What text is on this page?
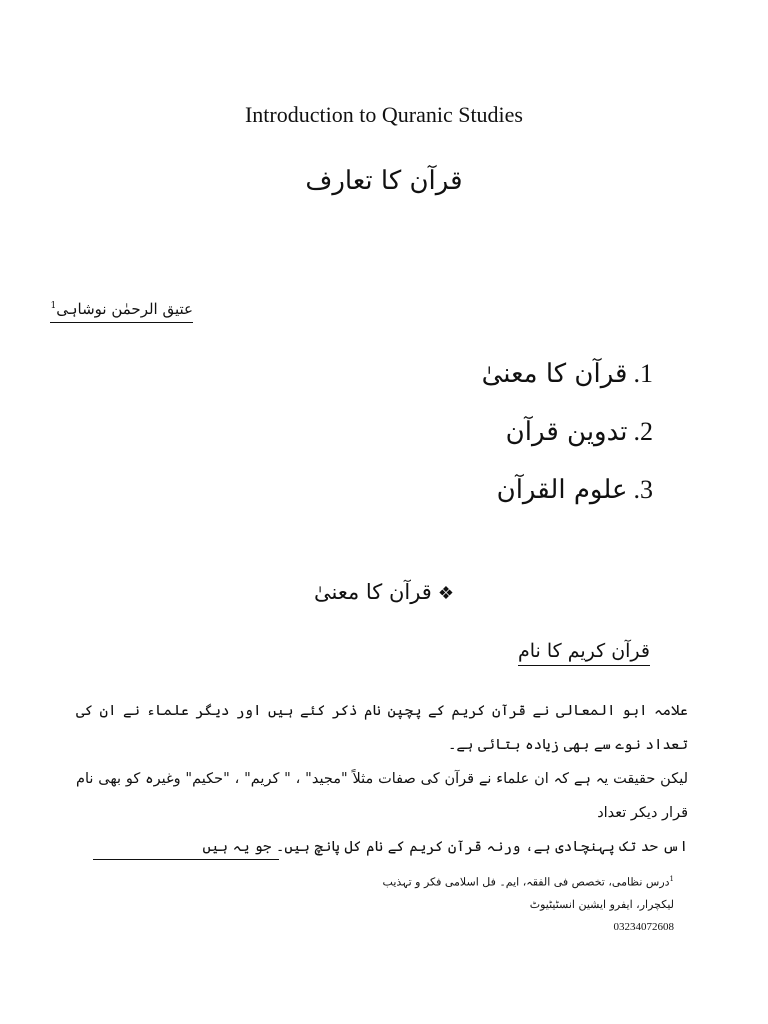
Introduction to Quranic Studies
قرآن کا تعارف
عتیق الرحمٰن نوشاہی$^1$
1.قرآن کا معنیٰ
2.تدوین قرآن
3.علوم القرآن
❖قرآن کا معنیٰ
قرآن کریم کا نام

علامہ ابو المعالی نے قرآن کریم کے پچپن نام ذکر کئے ہیں اور دیگر علماء نے ان کی تعداد نوے سے بھی زیادہ بتائی ہے۔

لیکن حقیقت یہ ہے کہ ان علماء نے قرآن کی صفات مثلاً "مجید" ، " کریم" ، "حکیم" وغیرہ کو بھی نام قرار دیکر تعداد

اس حد تک پہنچادی ہے، ورنہ قرآن کریم کے نام کل پانچ ہیں۔ جو یہ ہیں

$^1$درس نظامی، تخصص فی الفقہ، ایم۔ فل اسلامی فکر و تہذیب

لیکچرار، ایفرو ایشین انسٹیٹیوٹ

03234072608
